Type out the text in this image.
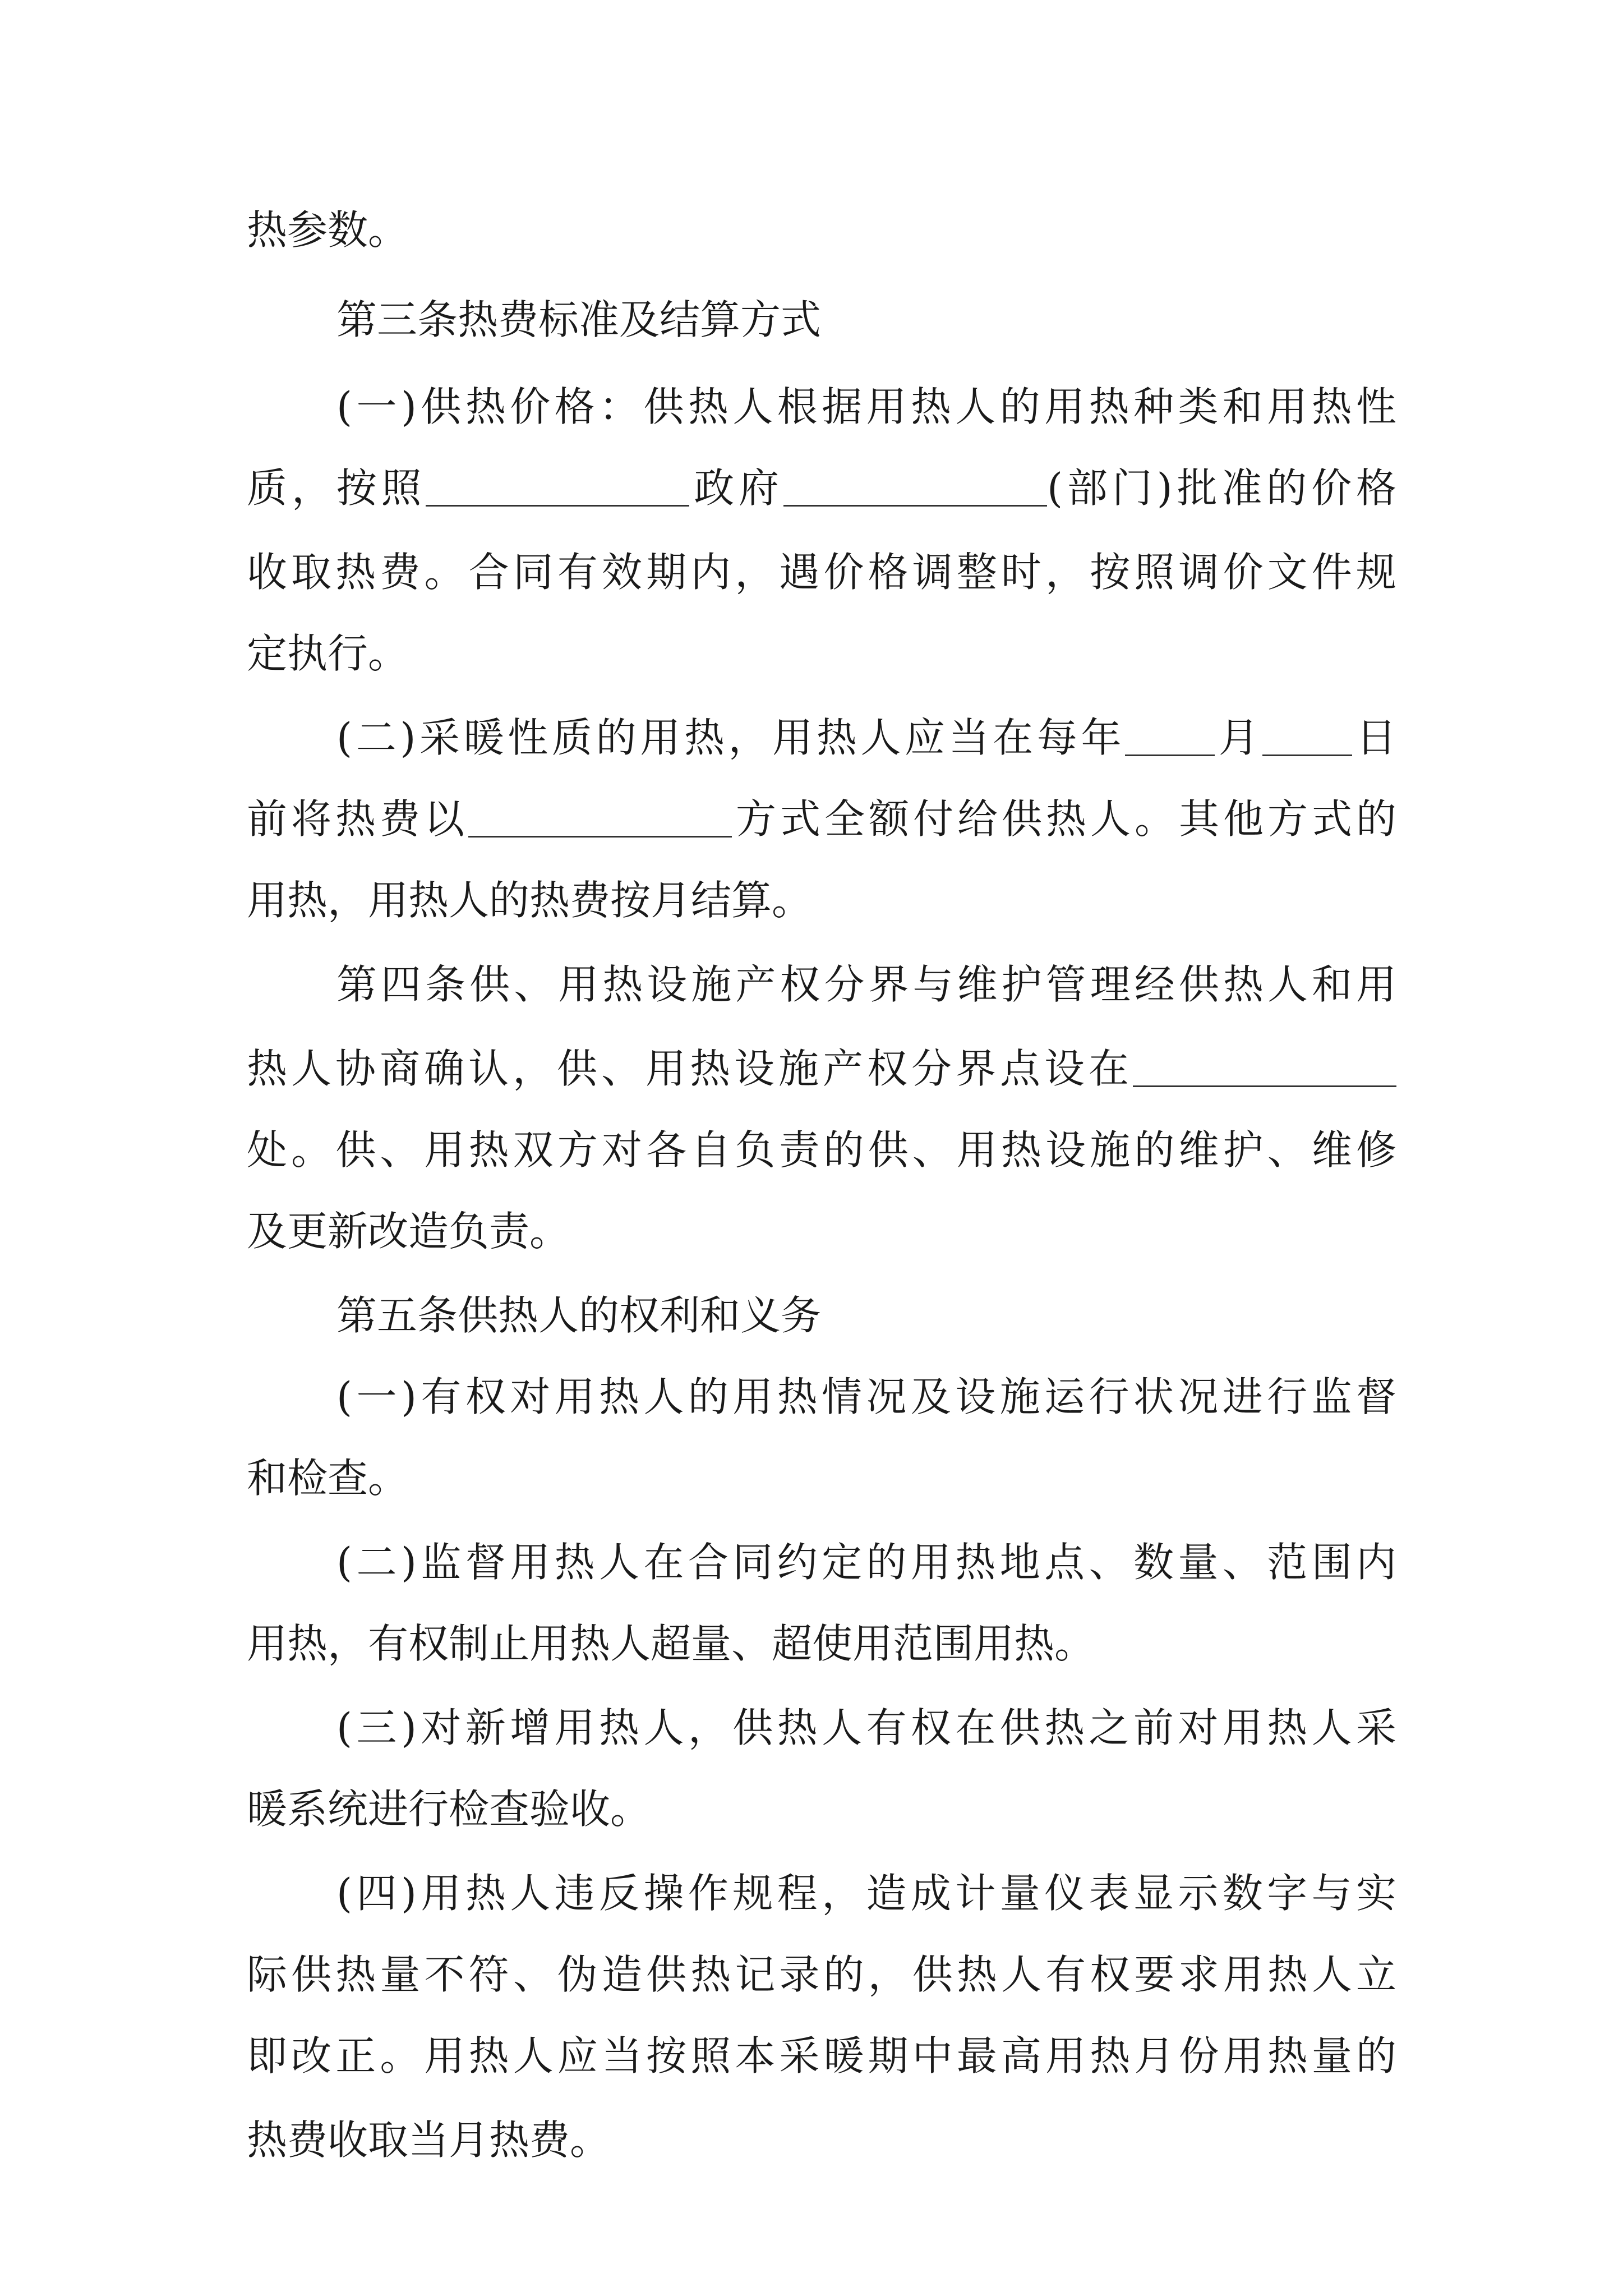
热参数。
第三条热费标准及结算方式
(一)供热价格：供热人根据用热人的用热种类和用热性
质，按照	政府	(部门)批准的价格
收取热费。合同有效期内，遇价格调整时，按照调价文件规
定执行。
(二)采暖性质的用热，用热人应当在每年 月 日
前将热费以	方式全额付给供热人。其他方式的
用热，用热人的热费按月结算。
第四条供、用热设施产权分界与维护管理经供热人和用
热人协商确认，供、用热设施产权分界点设在
处。供、用热双方对各自负责的供、用热设施的维护、维修
及更新改造负责。
第五条供热人的权利和义务
(一)有权对用热人的用热情况及设施运行状况进行监督
和检查。
(二)监督用热人在合同约定的用热地点、数量、范围内
用热，有权制止用热人超量、超使用范围用热。
(三)对新增用热人，供热人有权在供热之前对用热人采
暖系统进行检查验收。
(四)用热人违反操作规程，造成计量仪表显示数字与实
际供热量不符、伪造供热记录的，供热人有权要求用热人立
即改正。用热人应当按照本采暖期中最高用热月份用热量的
热费收取当月热费。
